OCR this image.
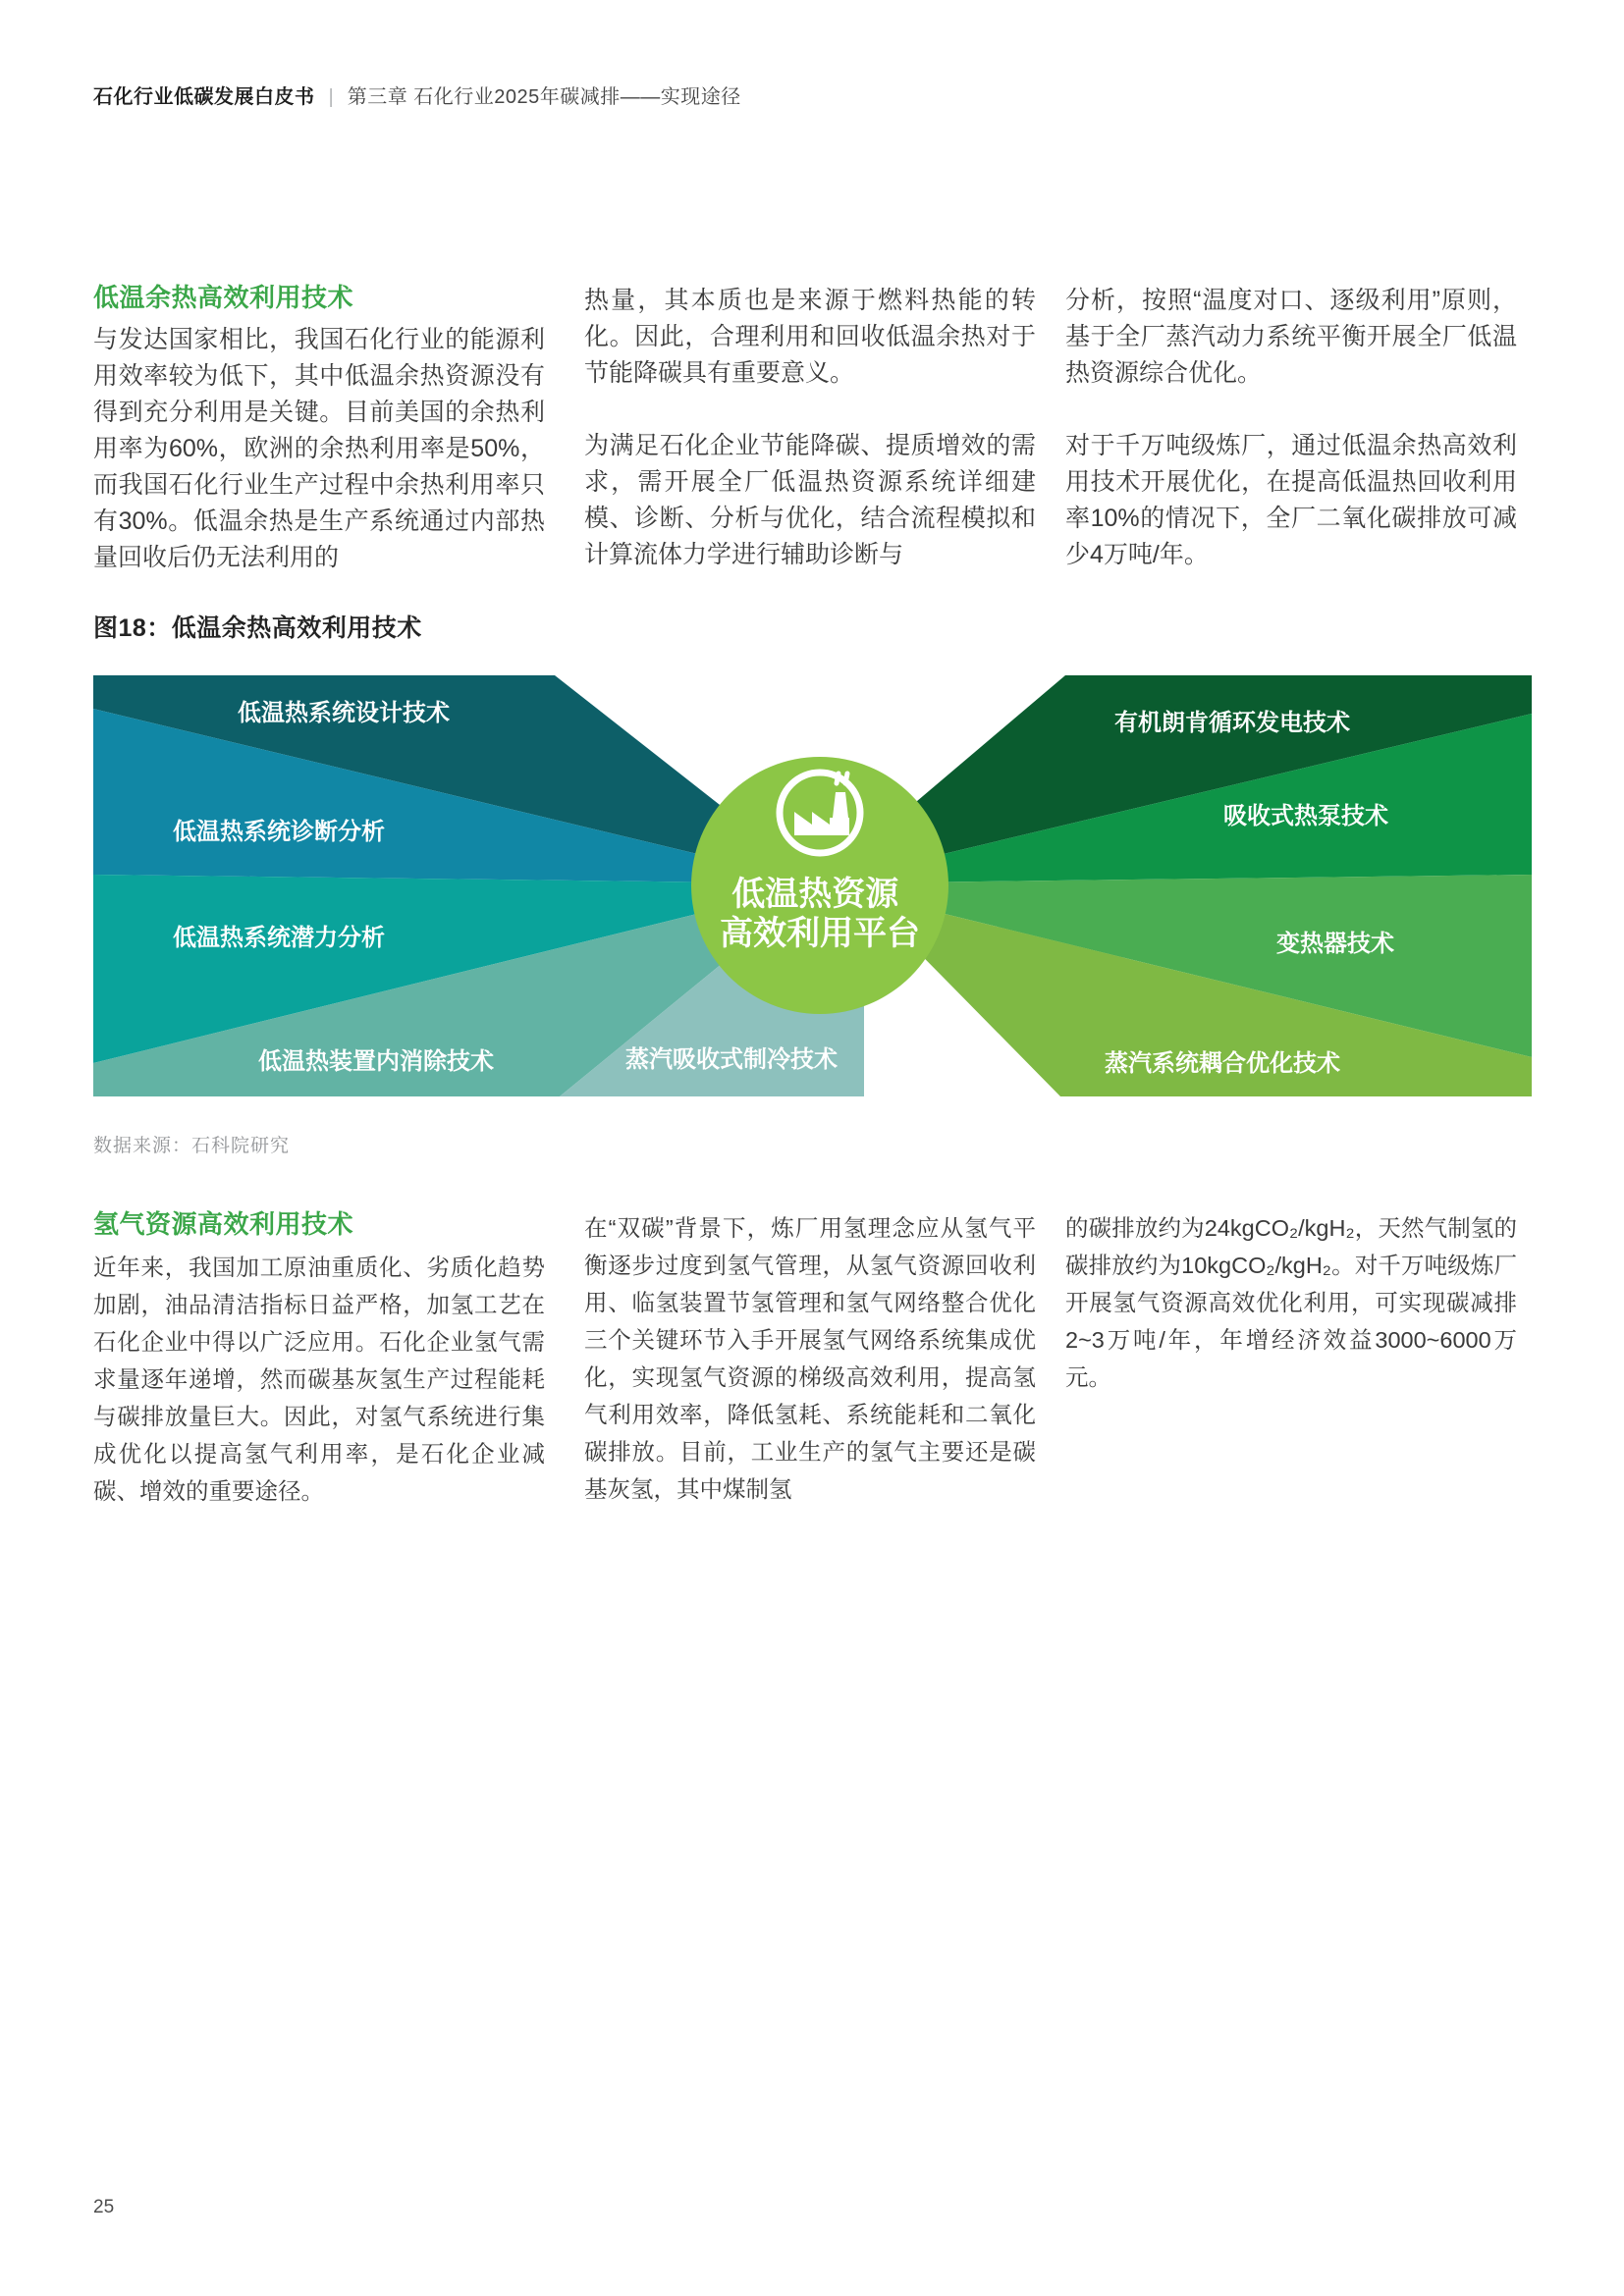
石化行业低碳发展白皮书 | 第三章 石化行业2025年碳减排——实现途径
低温余热高效利用技术

与发达国家相比，我国石化行业的能源利用效率较为低下，其中低温余热资源没有得到充分利用是关键。目前美国的余热利用率为60%，欧洲的余热利用率是50%，而我国石化行业生产过程中余热利用率只有30%。低温余热是生产系统通过内部热量回收后仍无法利用的

热量，其本质也是来源于燃料热能的转化。因此，合理利用和回收低温余热对于节能降碳具有重要意义。

为满足石化企业节能降碳、提质增效的需求，需开展全厂低温热资源系统详细建模、诊断、分析与优化，结合流程模拟和计算流体力学进行辅助诊断与

分析，按照“温度对口、逐级利用”原则，基于全厂蒸汽动力系统平衡开展全厂低温热资源综合优化。

对于千万吨级炼厂，通过低温余热高效利用技术开展优化，在提高低温热回收利用率10%的情况下，全厂二氧化碳排放可减少4万吨/年。

图18：低温余热高效利用技术
低温热系统设计技术
低温热系统诊断分析
低温热系统潜力分析
低温热装置内消除技术	蒸汽吸收式制冷技术
有机朗肯循环发电技术
吸收式热泵技术
变热器技术
蒸汽系统耦合优化技术
低温热资源 高效利用平台
数据来源：石科院研究
氢气资源高效利用技术

近年来，我国加工原油重质化、劣质化趋势加剧，油品清洁指标日益严格，加氢工艺在石化企业中得以广泛应用。石化企业氢气需求量逐年递增，然而碳基灰氢生产过程能耗与碳排放量巨大。因此，对氢气系统进行集成优化以提高氢气利用率，是石化企业减碳、增效的重要途径。

在“双碳”背景下，炼厂用氢理念应从氢气平衡逐步过度到氢气管理，从氢气资源回收利用、临氢装置节氢管理和氢气网络整合优化三个关键环节入手开展氢气网络系统集成优化，实现氢气资源的梯级高效利用，提高氢气利用效率，降低氢耗、系统能耗和二氧化碳排放。目前，工业生产的氢气主要还是碳基灰氢，其中煤制氢

的碳排放约为24kgCO₂/kgH₂，天然气制氢的碳排放约为10kgCO₂/kgH₂。对千万吨级炼厂开展氢气资源高效优化利用，可实现碳减排2~3万吨/年，年增经济效益3000~6000万元。

25
